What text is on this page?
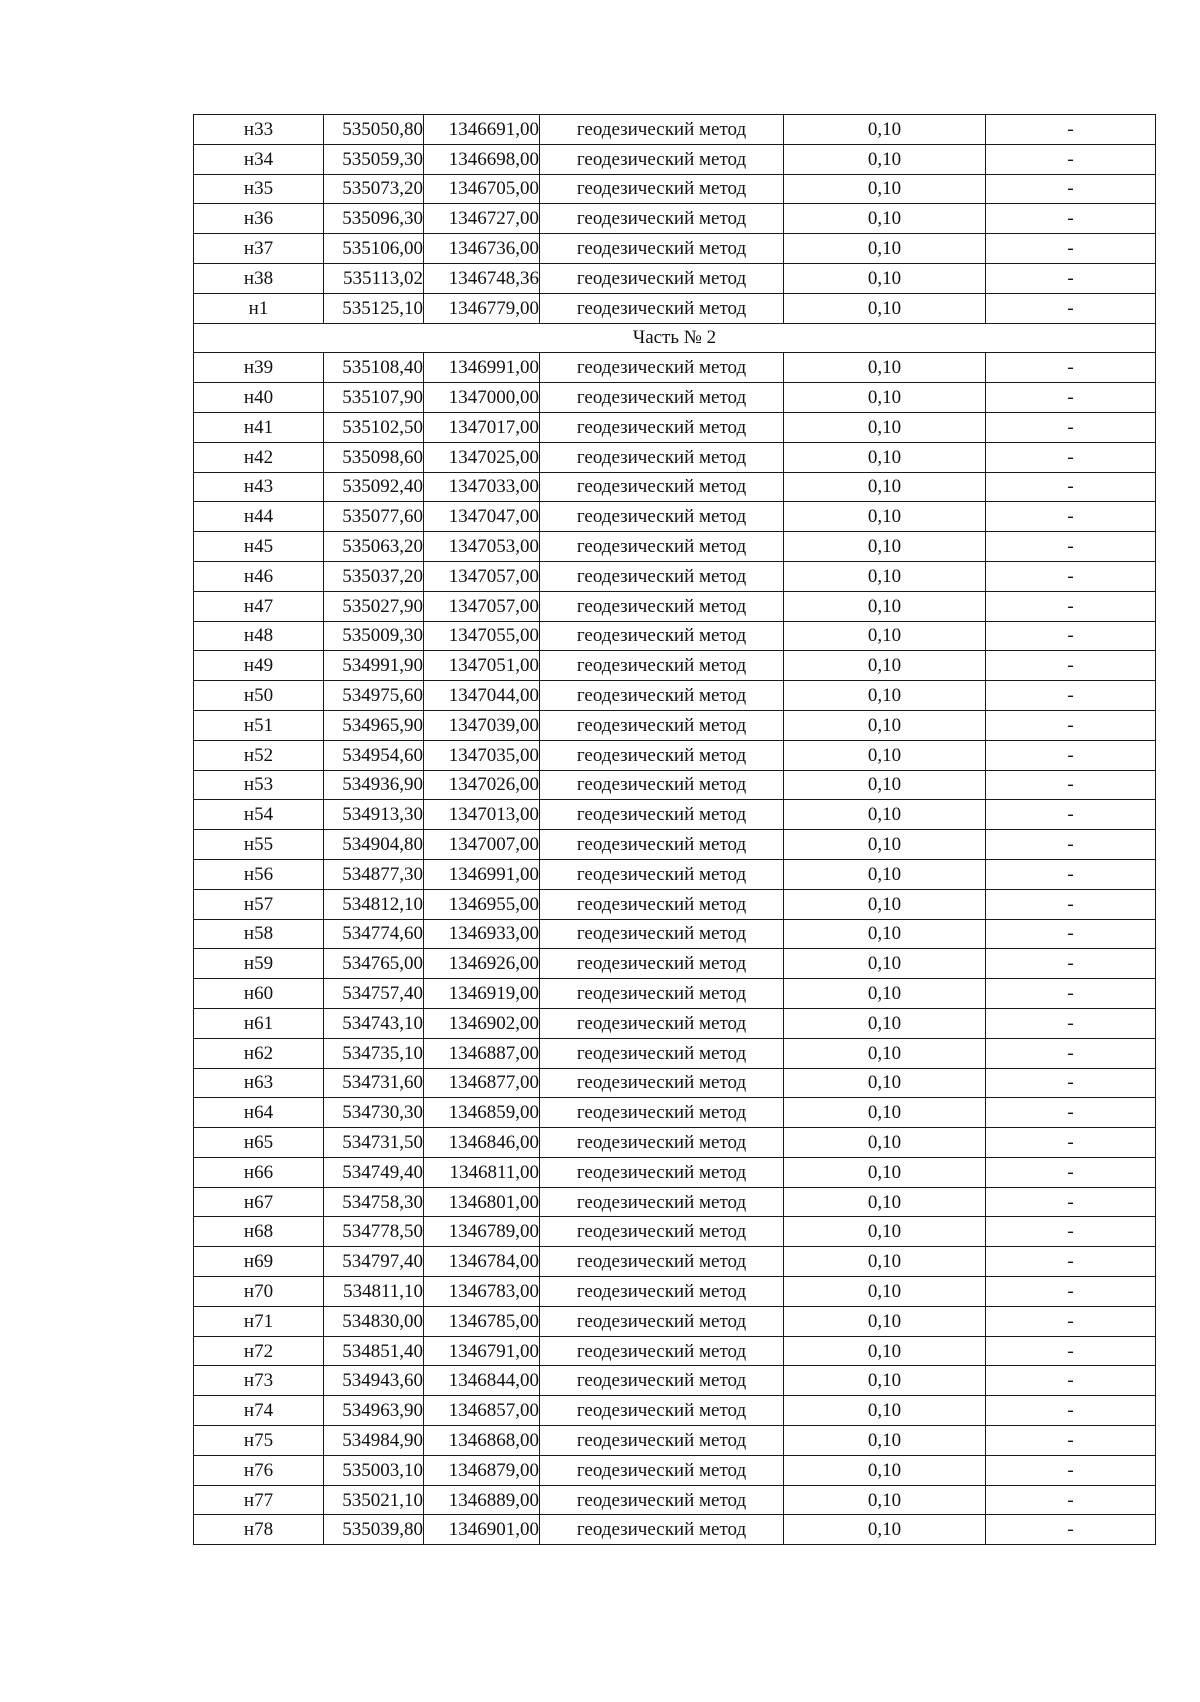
н33	535050,80	1346691,00	геодезический метод	0,10	-
н34	535059,30	1346698,00	геодезический метод	0,10	-
н35	535073,20	1346705,00	геодезический метод	0,10	-
н36	535096,30	1346727,00	геодезический метод	0,10	-
н37	535106,00	1346736,00	геодезический метод	0,10	-
н38	535113,02	1346748,36	геодезический метод	0,10	-
н1	535125,10	1346779,00	геодезический метод	0,10	-
Часть № 2					
н39	535108,40	1346991,00	геодезический метод	0,10	-
н40	535107,90	1347000,00	геодезический метод	0,10	-
н41	535102,50	1347017,00	геодезический метод	0,10	-
н42	535098,60	1347025,00	геодезический метод	0,10	-
н43	535092,40	1347033,00	геодезический метод	0,10	-
н44	535077,60	1347047,00	геодезический метод	0,10	-
н45	535063,20	1347053,00	геодезический метод	0,10	-
н46	535037,20	1347057,00	геодезический метод	0,10	-
н47	535027,90	1347057,00	геодезический метод	0,10	-
н48	535009,30	1347055,00	геодезический метод	0,10	-
н49	534991,90	1347051,00	геодезический метод	0,10	-
н50	534975,60	1347044,00	геодезический метод	0,10	-
н51	534965,90	1347039,00	геодезический метод	0,10	-
н52	534954,60	1347035,00	геодезический метод	0,10	-
н53	534936,90	1347026,00	геодезический метод	0,10	-
н54	534913,30	1347013,00	геодезический метод	0,10	-
н55	534904,80	1347007,00	геодезический метод	0,10	-
н56	534877,30	1346991,00	геодезический метод	0,10	-
н57	534812,10	1346955,00	геодезический метод	0,10	-
н58	534774,60	1346933,00	геодезический метод	0,10	-
н59	534765,00	1346926,00	геодезический метод	0,10	-
н60	534757,40	1346919,00	геодезический метод	0,10	-
н61	534743,10	1346902,00	геодезический метод	0,10	-
н62	534735,10	1346887,00	геодезический метод	0,10	-
н63	534731,60	1346877,00	геодезический метод	0,10	-
н64	534730,30	1346859,00	геодезический метод	0,10	-
н65	534731,50	1346846,00	геодезический метод	0,10	-
н66	534749,40	1346811,00	геодезический метод	0,10	-
н67	534758,30	1346801,00	геодезический метод	0,10	-
н68	534778,50	1346789,00	геодезический метод	0,10	-
н69	534797,40	1346784,00	геодезический метод	0,10	-
н70	534811,10	1346783,00	геодезический метод	0,10	-
н71	534830,00	1346785,00	геодезический метод	0,10	-
н72	534851,40	1346791,00	геодезический метод	0,10	-
н73	534943,60	1346844,00	геодезический метод	0,10	-
н74	534963,90	1346857,00	геодезический метод	0,10	-
н75	534984,90	1346868,00	геодезический метод	0,10	-
н76	535003,10	1346879,00	геодезический метод	0,10	-
н77	535021,10	1346889,00	геодезический метод	0,10	-
н78	535039,80	1346901,00	геодезический метод	0,10	-
